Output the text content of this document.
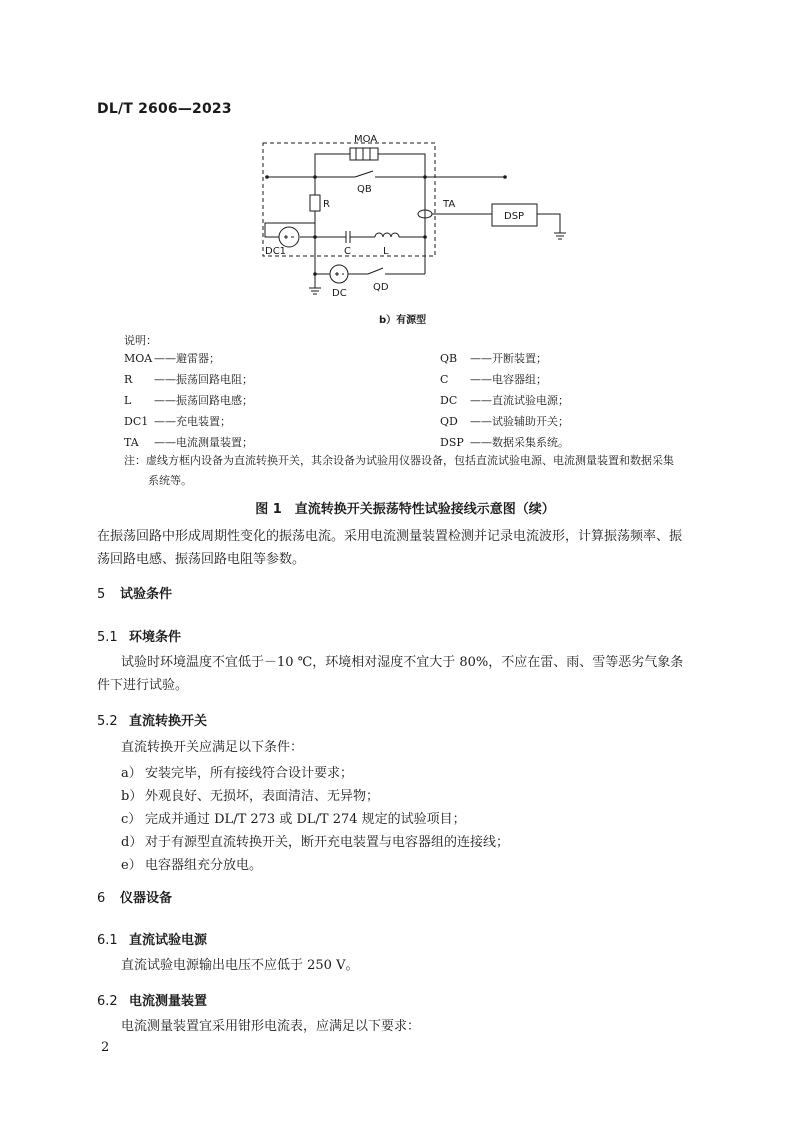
DL/T 2606—2023
MOA
QB
R	TA
DSP
DC1	C	L
DC
QD
b）有源型
说明：
MOA ——避雷器；
R ——振荡回路电阻；
L ——振荡回路电感；
DC1 ——充电装置；
TA ——电流测量装置；
QB ——开断装置；
C ——电容器组；
DC ——直流试验电源；
QD ——试验辅助开关；
DSP ——数据采集系统。
注：虚线方框内设备为直流转换开关，其余设备为试验用仪器设备，包括直流试验电源、电流测量装置和数据采集
系统等。
图 1　直流转换开关振荡特性试验接线示意图（续）
在振荡回路中形成周期性变化的振荡电流。采用电流测量装置检测并记录电流波形，计算振荡频率、振
荡回路电感、振荡回路电阻等参数。
5 试验条件
5.1 环境条件
试验时环境温度不宜低于－10 ℃，环境相对湿度不宜大于 80%，不应在雷、雨、雪等恶劣气象条
件下进行试验。
5.2 直流转换开关
直流转换开关应满足以下条件：
a） 安装完毕，所有接线符合设计要求；
b） 外观良好、无损坏，表面清洁、无异物；
c） 完成并通过 DL/T 273 或 DL/T 274 规定的试验项目；
d） 对于有源型直流转换开关，断开充电装置与电容器组的连接线；
e） 电容器组充分放电。
6 仪器设备
6.1 直流试验电源
直流试验电源输出电压不应低于 250 V。
6.2 电流测量装置
电流测量装置宜采用钳形电流表，应满足以下要求：
2
